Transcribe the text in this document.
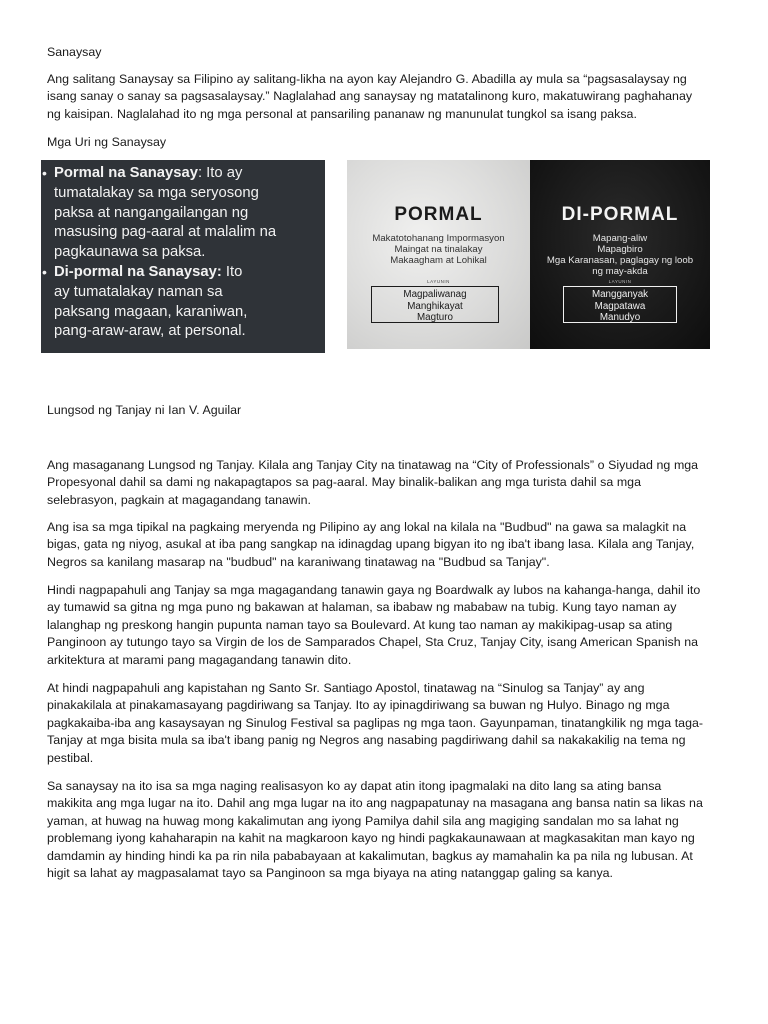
Sanaysay

Ang salitang Sanaysay sa Filipino ay salitang-likha na ayon kay Alejandro G. Abadilla ay mula sa “pagsasalaysay ng
isang sanay o sanay sa pagsasalaysay.” Naglalahad ang sanaysay ng matatalinong kuro, makatuwirang paghahanay
ng kaisipan. Naglalahad ito ng mga personal at pansariling pananaw ng manunulat tungkol sa isang paksa.

Mga Uri ng Sanaysay

• Pormal na Sanaysay: Ito ay
tumatalakay sa mga seryosong
paksa at nangangailangan ng
masusing pag-aaral at malalim na
pagkaunawa sa paksa.
• Di-pormal na Sanaysay: Ito
ay tumatalakay naman sa
paksang magaan, karaniwan,
pang-araw-araw, at personal.
PORMAL
Makatotohanang Impormasyon
Maingat na tinalakay
Makaagham at Lohikal
LAYUNIN
Magpaliwanag
Manghikayat
Magturo
DI-PORMAL
Mapang-aliw
Mapagbiro
Mga Karanasan, paglagay ng loob
ng may-akda
LAYUNIN
Mangganyak
Magpatawa
Manudyo

Lungsod ng Tanjay ni Ian V. Aguilar

Ang masaganang Lungsod ng Tanjay. Kilala ang Tanjay City na tinatawag na “City of Professionals” o Siyudad ng mga
Propesyonal dahil sa dami ng nakapagtapos sa pag-aaral. May binalik-balikan ang mga turista dahil sa mga
selebrasyon, pagkain at magagandang tanawin.

Ang isa sa mga tipikal na pagkaing meryenda ng Pilipino ay ang lokal na kilala na "Budbud" na gawa sa malagkit na
bigas, gata ng niyog, asukal at iba pang sangkap na idinagdag upang bigyan ito ng iba't ibang lasa. Kilala ang Tanjay,
Negros sa kanilang masarap na "budbud" na karaniwang tinatawag na "Budbud sa Tanjay".

Hindi nagpapahuli ang Tanjay sa mga magagandang tanawin gaya ng Boardwalk ay lubos na kahanga-hanga, dahil ito
ay tumawid sa gitna ng mga puno ng bakawan at halaman, sa ibabaw ng mababaw na tubig. Kung tayo naman ay
lalanghap ng preskong hangin pupunta naman tayo sa Boulevard. At kung tao naman ay makikipag-usap sa ating
Panginoon ay tutungo tayo sa Virgin de los de Samparados Chapel, Sta Cruz, Tanjay City, isang American Spanish na
arkitektura at marami pang magagandang tanawin dito.

At hindi nagpapahuli ang kapistahan ng Santo Sr. Santiago Apostol, tinatawag na “Sinulog sa Tanjay” ay ang
pinakakilala at pinakamasayang pagdiriwang sa Tanjay. Ito ay ipinagdiriwang sa buwan ng Hulyo. Binago ng mga
pagkakaiba-iba ang kasaysayan ng Sinulog Festival sa paglipas ng mga taon. Gayunpaman, tinatangkilik ng mga taga-
Tanjay at mga bisita mula sa iba't ibang panig ng Negros ang nasabing pagdiriwang dahil sa nakakakilig na tema ng
pestibal.

Sa sanaysay na ito isa sa mga naging realisasyon ko ay dapat atin itong ipagmalaki na dito lang sa ating bansa
makikita ang mga lugar na ito. Dahil ang mga lugar na ito ang nagpapatunay na masagana ang bansa natin sa likas na
yaman, at huwag na huwag mong kakalimutan ang iyong Pamilya dahil sila ang magiging sandalan mo sa lahat ng
problemang iyong kahaharapin na kahit na magkaroon kayo ng hindi pagkakaunawaan at magkasakitan man kayo ng
damdamin ay hinding hindi ka pa rin nila pababayaan at kakalimutan, bagkus ay mamahalin ka pa nila ng lubusan. At
higit sa lahat ay magpasalamat tayo sa Panginoon sa mga biyaya na ating natanggap galing sa kanya.
